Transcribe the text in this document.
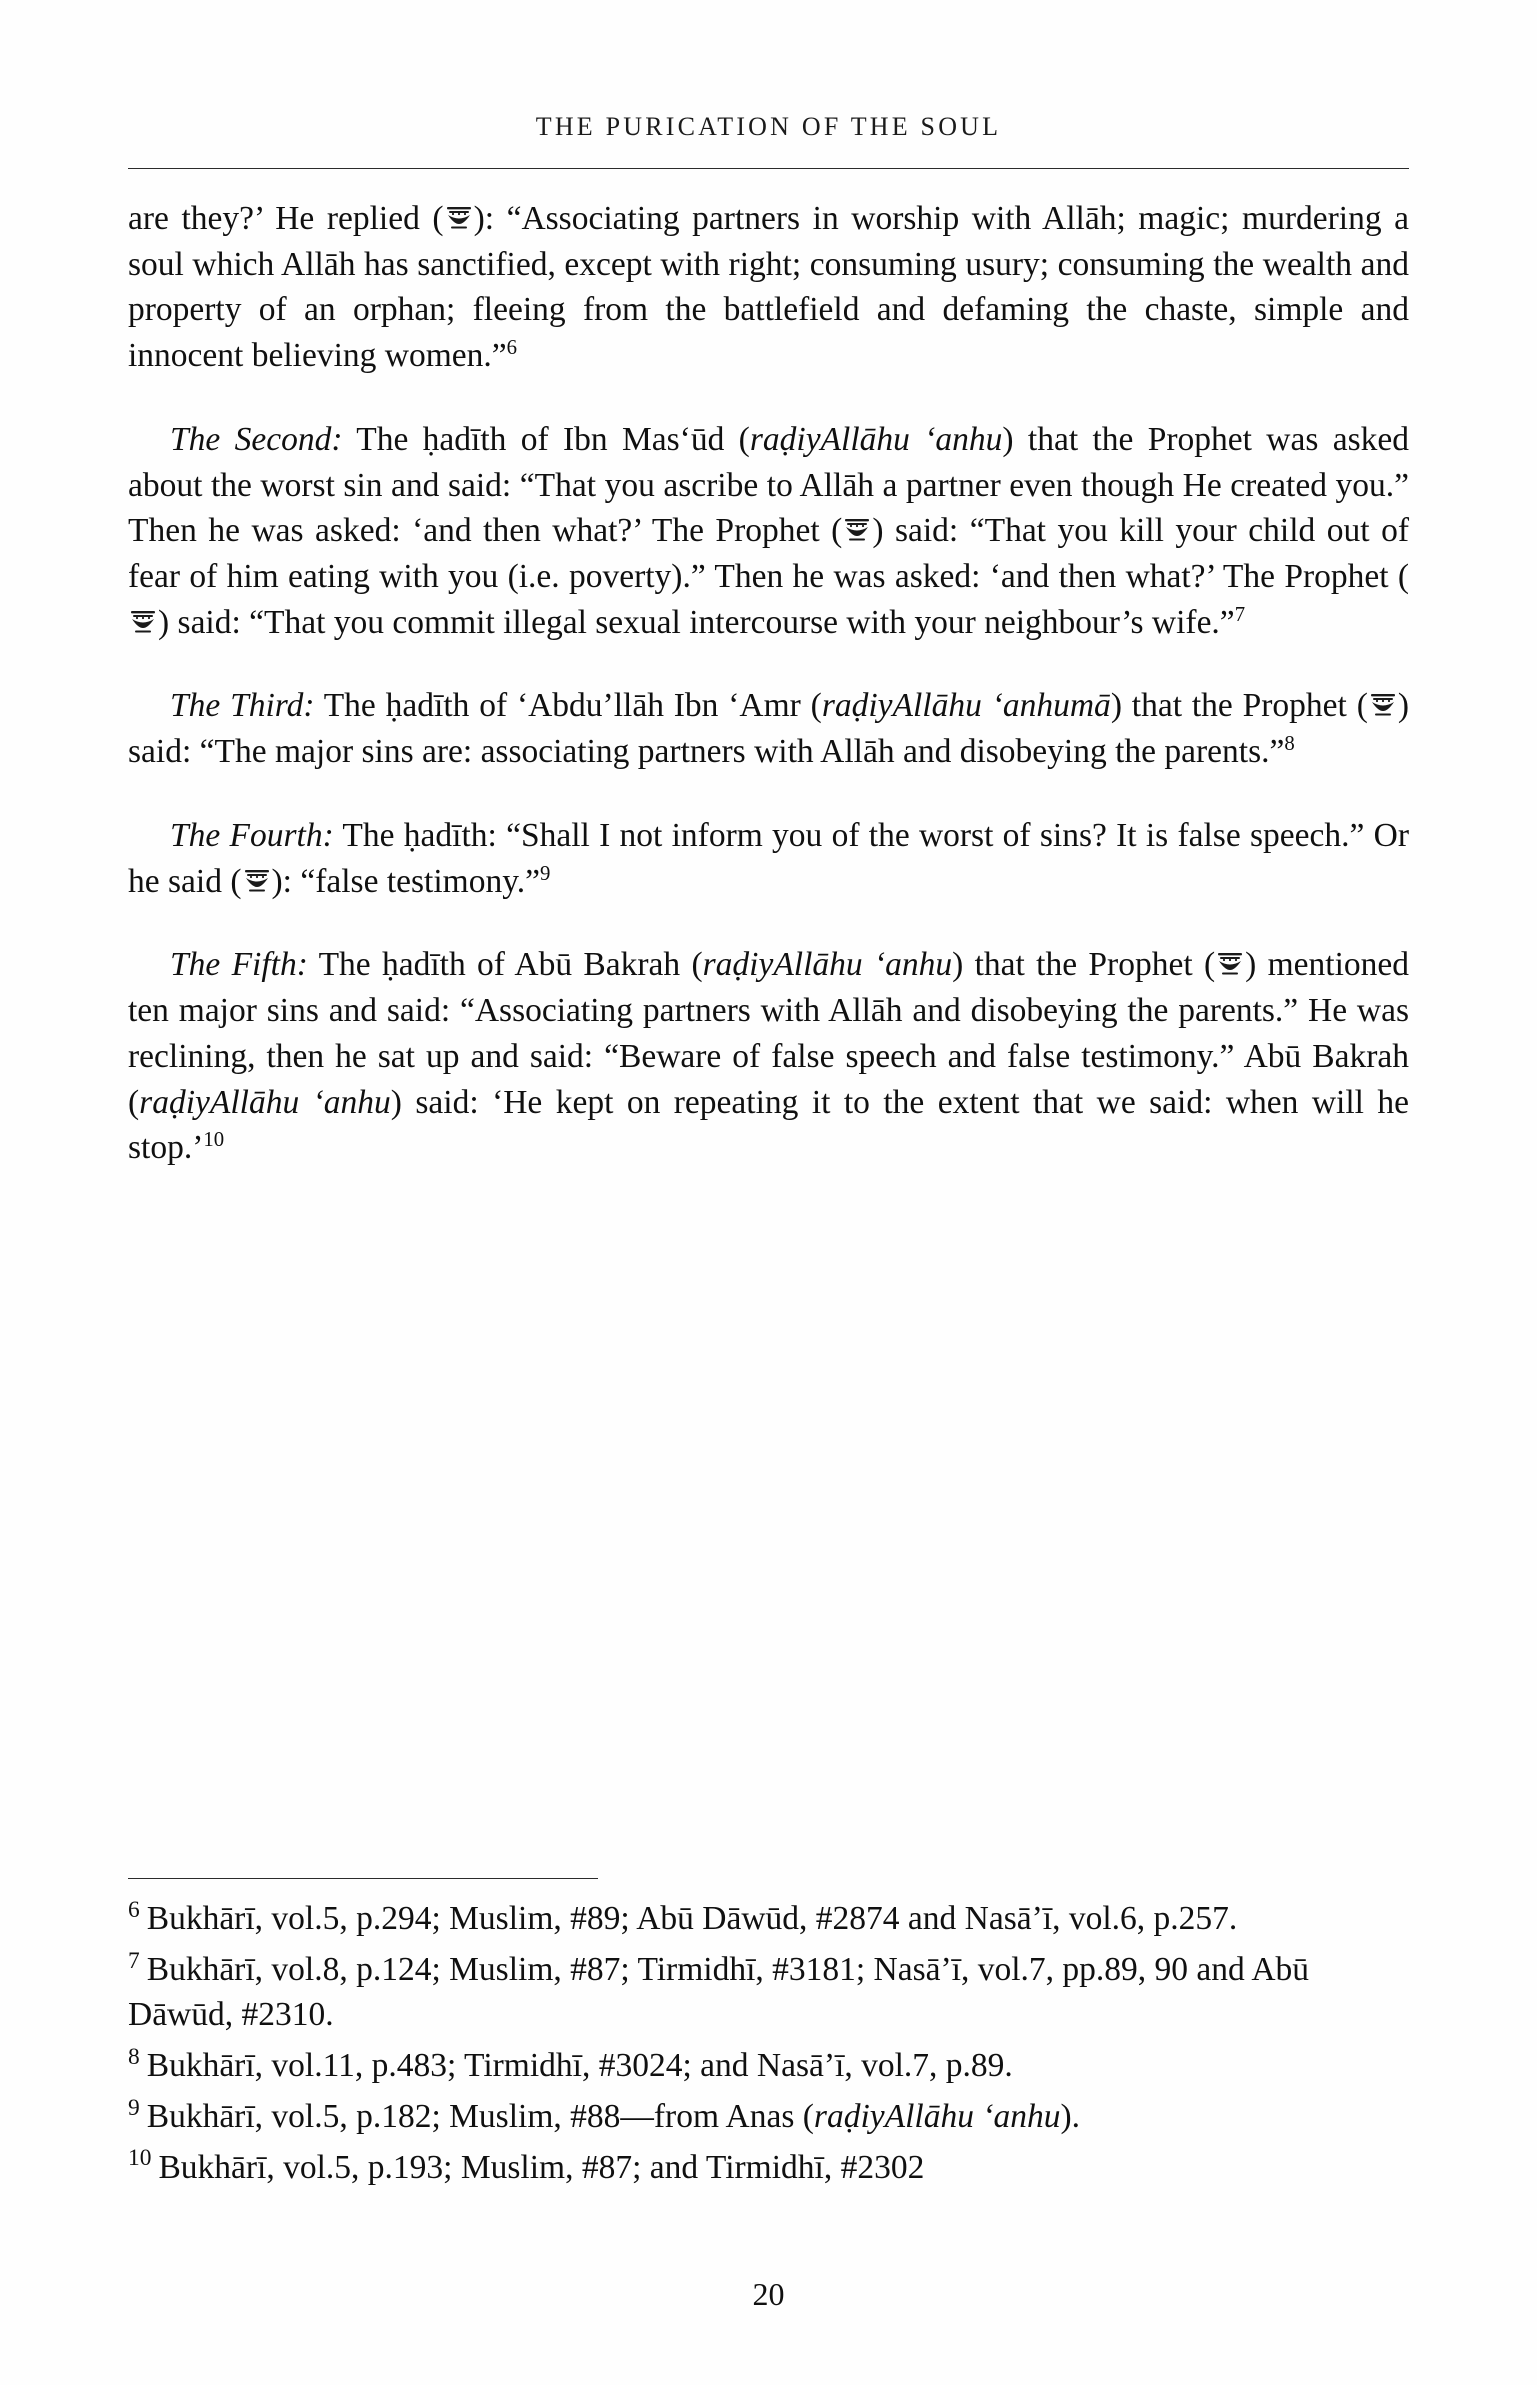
THE PURICATION OF THE SOUL

are they?’ He replied ( ): “Associating partners in worship with Allāh; magic; murdering a soul which Allāh has sanctified, except with right; consuming usury; consuming the wealth and property of an orphan; fleeing from the battlefield and defaming the chaste, simple and innocent believing women.”$^6$

The Second: The ḥadīth of Ibn Mas‘ūd (raḍiyAllāhu ‘anhu) that the Prophet was asked about the worst sin and said: “That you ascribe to Allāh a partner even though He created you.” Then he was asked: ‘and then what?’ The Prophet ( ) said: “That you kill your child out of fear of him eating with you (i.e. poverty).” Then he was asked: ‘and then what?’ The Prophet (
) said: “That you commit illegal sexual intercourse with your neighbour’s wife.”$^7$

The Third: The ḥadīth of ‘Abdu’llāh Ibn ‘Amr (raḍiyAllāhu ‘anhumā) that the Prophet ( ) said: “The major sins are: associating partners with Allāh and disobeying the parents.”$^8$

The Fourth: The ḥadīth: “Shall I not inform you of the worst of sins? It is false speech.” Or he said ( ): “false testimony.”$^9$

The Fifth: The ḥadīth of Abū Bakrah (raḍiyAllāhu ‘anhu) that the Prophet ( ) mentioned ten major sins and said: “Associating partners with Allāh and disobeying the parents.” He was reclining, then he sat up and said: “Beware of false speech and false testimony.” Abū Bakrah (raḍiyAllāhu ‘anhu) said: ‘He kept on repeating it to the extent that we said: when will he stop.’$^{10}$

$^6$ Bukhārī, vol.5, p.294; Muslim, #89; Abū Dāwūd, #2874 and Nasā’ī, vol.6, p.257.

$^7$ Bukhārī, vol.8, p.124; Muslim, #87; Tirmidhī, #3181; Nasā’ī, vol.7, pp.89, 90 and Abū Dāwūd, #2310.

$^8$ Bukhārī, vol.11, p.483; Tirmidhī, #3024; and Nasā’ī, vol.7, p.89.

$^9$ Bukhārī, vol.5, p.182; Muslim, #88—from Anas (raḍiyAllāhu ‘anhu).

$^{10}$ Bukhārī, vol.5, p.193; Muslim, #87; and Tirmidhī, #2302

20
